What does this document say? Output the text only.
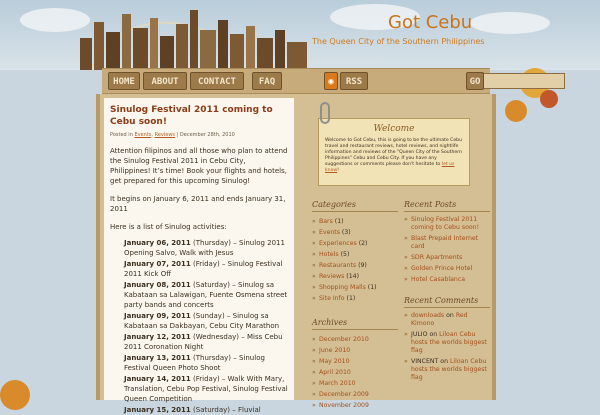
Got Cebu
The Queen City of the Southern Philippines
HOME	ABOUT	CONTACT	FAQ	◉	RSS	GO
Sinulog Festival 2011 coming to Cebu soon!
Posted in Events, Reviews | December 28th, 2010
Attention filipinos and all those who plan to attend the Sinulog Festival 2011 in Cebu City, Philippines! It’s time! Book your flights and hotels, get prepared for this upcoming Sinulog!
It begins on January 6, 2011 and ends January 31, 2011
Here is a list of Sinulog activities:
January 06, 2011 (Thursday) – Sinulog 2011 Opening Salvo, Walk with Jesus
January 07, 2011 (Friday) – Sinulog Festival 2011 Kick Off
January 08, 2011 (Saturday) – Sinulog sa Kabataan sa Lalawigan, Fuente Osmena street party bands and concerts
January 09, 2011 (Sunday) – Sinulog sa Kabataan sa Dakbayan, Cebu City Marathon
January 12, 2011 (Wednesday) – Miss Cebu 2011 Coronation Night
January 13, 2011 (Thursday) – Sinulog Festival Queen Photo Shoot
January 14, 2011 (Friday) – Walk With Mary, Translation, Cebu Pop Festival, Sinulog Festival Queen Competition
January 15, 2011 (Saturday) – Fluvial
Welcome
Welcome to Got Cebu, this is going to be the ultimate Cebu travel and restaurant reviews, hotel reviews, and nightlife information and reviews of the "Queen City of the Southern Philippines" Cebu and Cebu City. If you have any suggestions or comments please don't hesitate to let us know!
Categories
» Bars (1)
» Events (3)
» Experiences (2)
» Hotels (5)
» Restaurants (9)
» Reviews (14)
» Shopping Malls (1)
» Site Info (1)
Archives
» December 2010
» June 2010
» May 2010
» April 2010
» March 2010
» December 2009
» November 2009
Recent Posts
» Sinulog Festival 2011 coming to Cebu soon!
» Blast Prepaid Internet card
» SDR Apartments
» Golden Prince Hotel
» Hotel Casablanca
Recent Comments
» downloads on Red Kimono
» JULIO on Liloan Cebu hosts the worlds biggest flag
» VINCENT on Liloan Cebu hosts the worlds biggest flag
